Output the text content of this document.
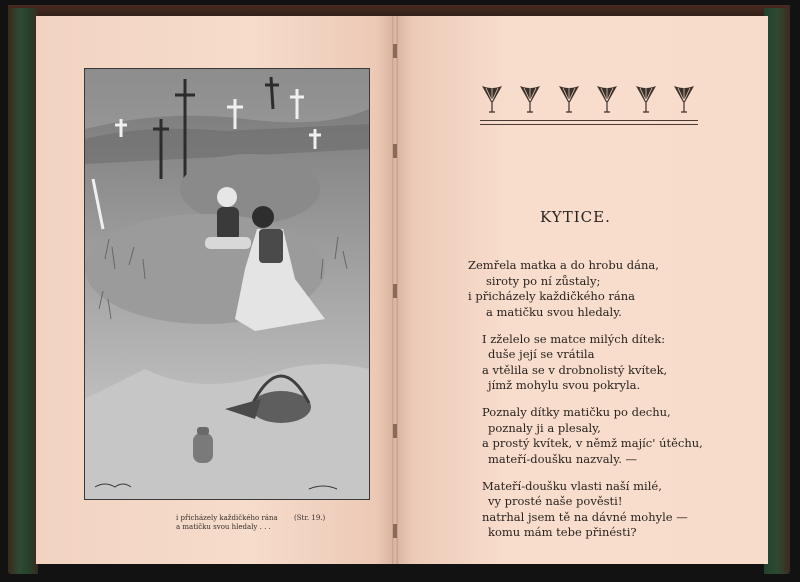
i přicházely každičkého rána
a matičku svou hledaly . . .
(Str. 19.)
KYTICE.
Zemřela matka a do hrobu dána,
siroty po ní zůstaly;
i přicházely každičkého rána
a matičku svou hledaly.
I zželelo se matce milých dítek:
duše její se vrátila
a vtělila se v drobnolistý kvítek,
jímž mohylu svou pokryla.
Poznaly dítky matičku po dechu,
poznaly ji a plesaly,
a prostý kvítek, v němž majíc' útěchu,
mateří-doušku nazvaly. —
Mateří-doušku vlasti naší milé,
vy prosté naše pověsti!
natrhal jsem tě na dávné mohyle —
komu mám tebe přinésti?
